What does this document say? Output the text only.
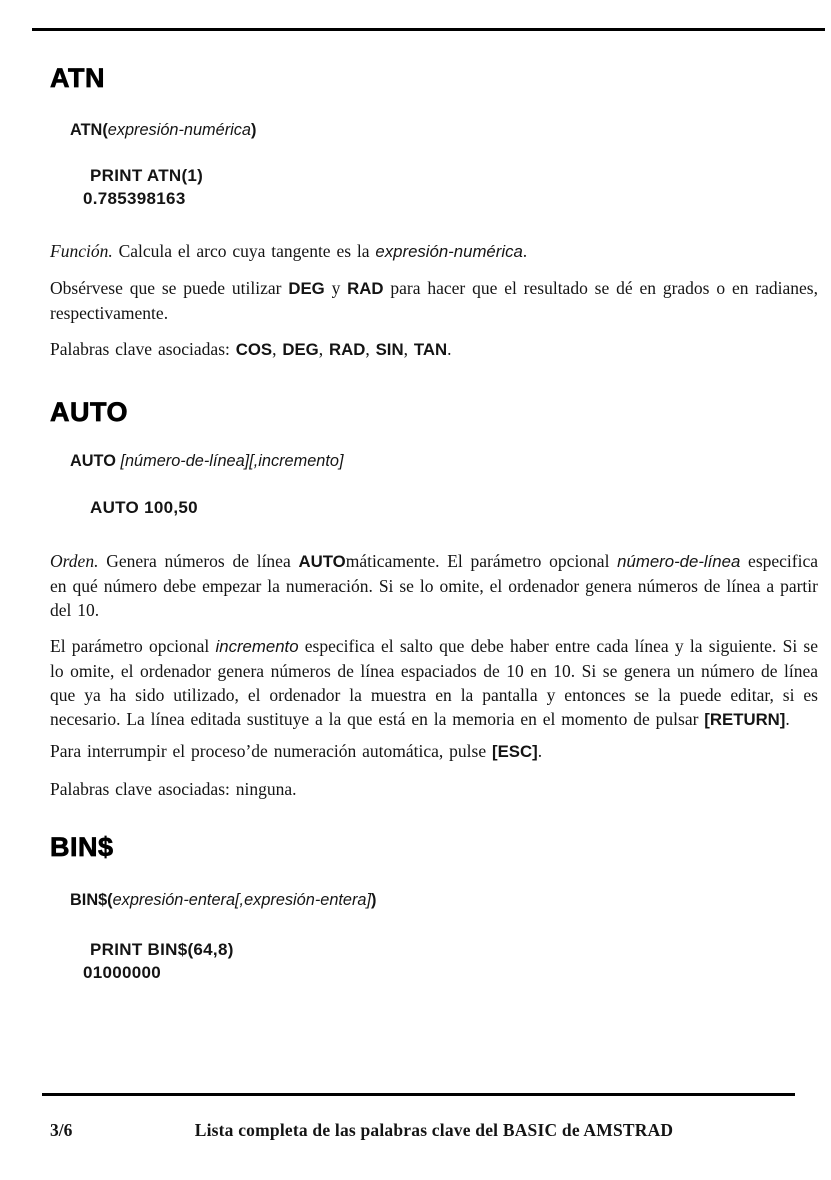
ATN

ATN(expresión-numérica)

PRINT ATN(1)
0.785398163

Función. Calcula el arco cuya tangente es la expresión-numérica.

Obsérvese que se puede utilizar DEG y RAD para hacer que el resultado se dé en grados o en radianes, respectivamente.

Palabras clave asociadas: COS, DEG, RAD, SIN, TAN.

AUTO

AUTO [número-de-línea][,incremento]

AUTO 100,50

Orden. Genera números de línea AUTOmáticamente. El parámetro opcional número-de-línea especifica en qué número debe empezar la numeración. Si se lo omite, el ordenador genera números de línea a partir del 10.

El parámetro opcional incremento especifica el salto que debe haber entre cada línea y la siguiente. Si se lo omite, el ordenador genera números de línea espaciados de 10 en 10. Si se genera un número de línea que ya ha sido utilizado, el ordenador la muestra en la pantalla y entonces se la puede editar, si es necesario. La línea editada sustituye a la que está en la memoria en el momento de pulsar [RETURN].

Para interrumpir el proceso’de numeración automática, pulse [ESC].

Palabras clave asociadas: ninguna.

BIN$

BIN$(expresión-entera[,expresión-entera])

PRINT BIN$(64,8)
01000000
3/6	Lista completa de las palabras clave del BASIC de AMSTRAD
